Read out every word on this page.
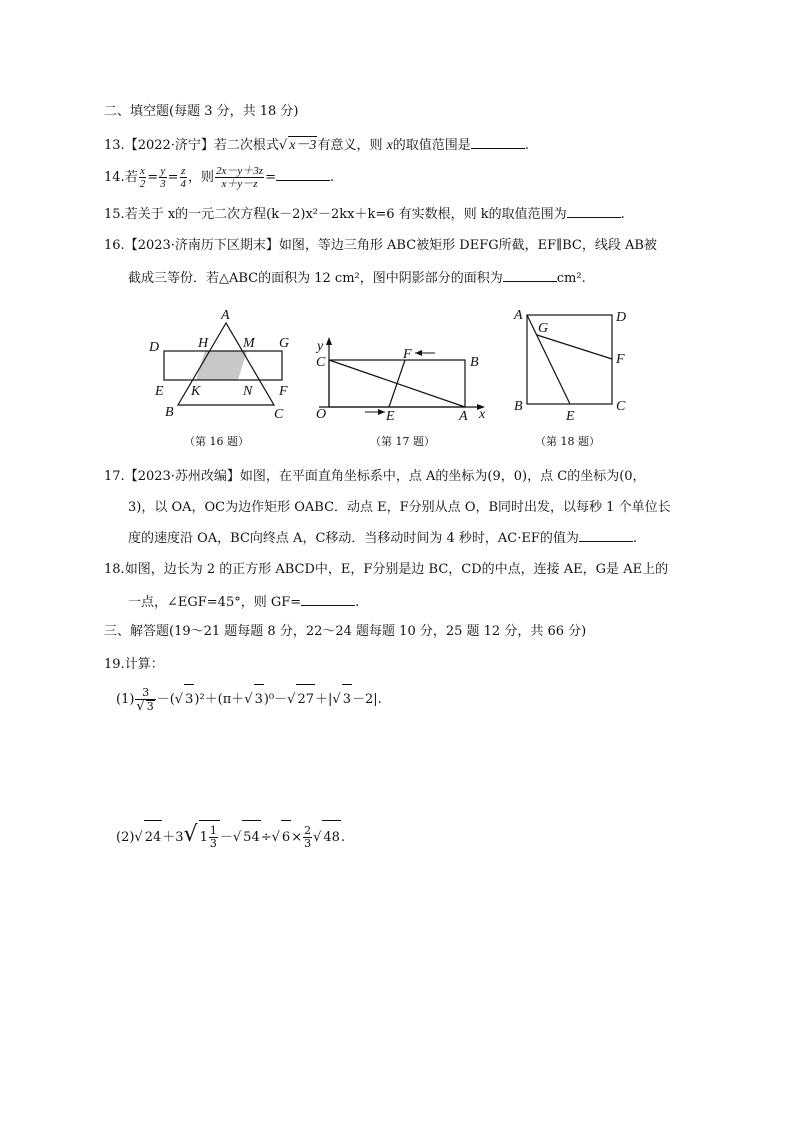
二、填空题(每题 3 分，共 18 分)
13.【2022·济宁】若二次根式√ x－3有意义，则 x的取值范围是	.
14.若 $\frac{x}{2} = \frac{y}{3} = \frac{z}{4}$ ，则 $\frac{2x-y+3z}{x+y-z}$ =	.
15.若关于 x的一元二次方程(k－2)x²－2kx＋k=6 有实数根，则 k的取值范围为	.
16.【2023·济南历下区期末】如图，等边三角形 ABC被矩形 DEFG所截，EF∥BC，线段 AB被
截成三等份．若△ABC的面积为 12 cm²，图中阴影部分的面积为	cm².
A
B	C
D
E	F
G
H M
K	N
（第 16 题）
y
x
O
C
F
B
E	A
（第 17 题）
A
G
D
F
B
E
C
（第 18 题）
17.【2023·苏州改编】如图，在平面直角坐标系中，点 A的坐标为(9，0)，点 C的坐标为(0，
3)，以 OA，OC为边作矩形 OABC．动点 E，F分别从点 O，B同时出发，以每秒 1 个单位长
度的速度沿 OA，BC向终点 A，C移动．当移动时间为 4 秒时，AC·EF的值为	.
18.如图，边长为 2 的正方形 ABCD中，E，F分别是边 BC，CD的中点，连接 AE，G是 AE上的
一点，∠EGF=45°，则 GF=	.
三、解答题(19～21 题每题 8 分，22～24 题每题 10 分，25 题 12 分，共 66 分)
19.计算：
$(1) \frac{3}{√ 3}$ －(√ 3)²＋(π＋√ 3)⁰－√ 27＋|√ 3－2|.
(2)√ 24＋3√ $1 \frac{1}{3}$ －√ 54÷√ $6\times \frac{2}{3}$ √ 48.
